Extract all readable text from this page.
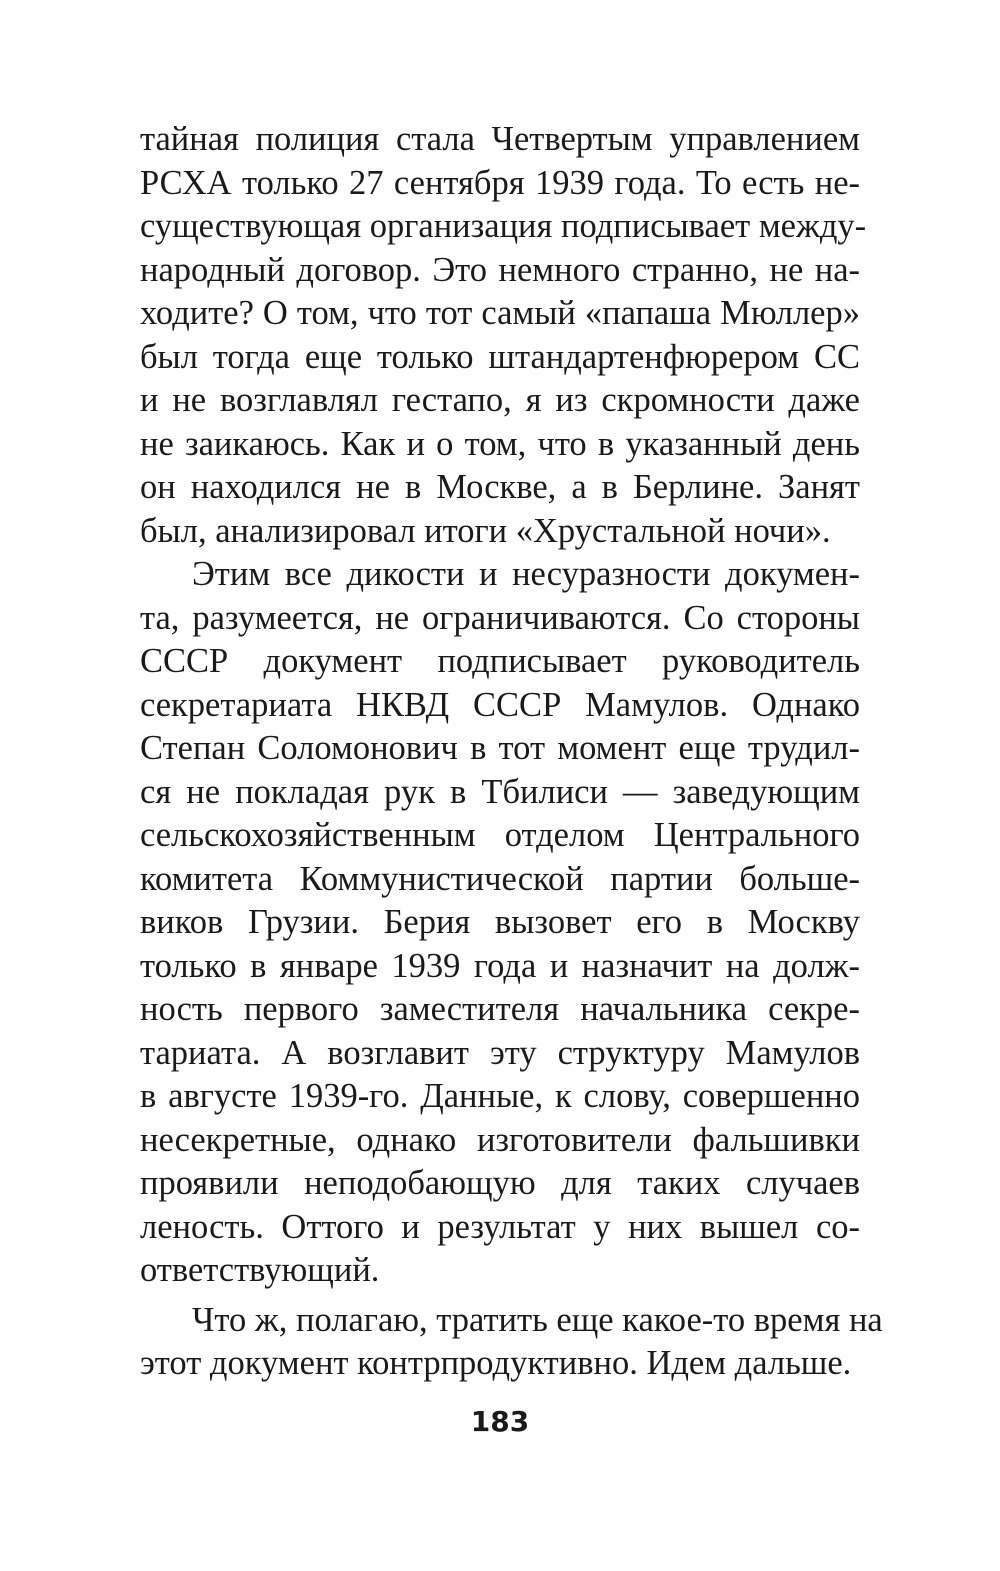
тайная полиция стала Четвертым управлением
РСХА только 27 сентября 1939 года. То есть не-
существующая организация подписывает между-
народный договор. Это немного странно, не на-
ходите? О том, что тот самый «папаша Мюллер»
был тогда еще только штандартенфюрером СС
и не возглавлял гестапо, я из скромности даже
не заикаюсь. Как и о том, что в указанный день
он находился не в Москве, а в Берлине. Занят
был, анализировал итоги «Хрустальной ночи».
Этим все дикости и несуразности докумен-
та, разумеется, не ограничиваются. Со стороны
СССР документ подписывает руководитель
секретариата НКВД СССР Мамулов. Однако
Степан Соломонович в тот момент еще трудил-
ся не покладая рук в Тбилиси — заведующим
сельскохозяйственным отделом Центрального
комитета Коммунистической партии больше-
виков Грузии. Берия вызовет его в Москву
только в январе 1939 года и назначит на долж-
ность первого заместителя начальника секре-
тариата. А возглавит эту структуру Мамулов
в августе 1939-го. Данные, к слову, совершенно
несекретные, однако изготовители фальшивки
проявили неподобающую для таких случаев
леность. Оттого и результат у них вышел со-
ответствующий.
Что ж, полагаю, тратить еще какое-то время на
этот документ контрпродуктивно. Идем дальше.
183
